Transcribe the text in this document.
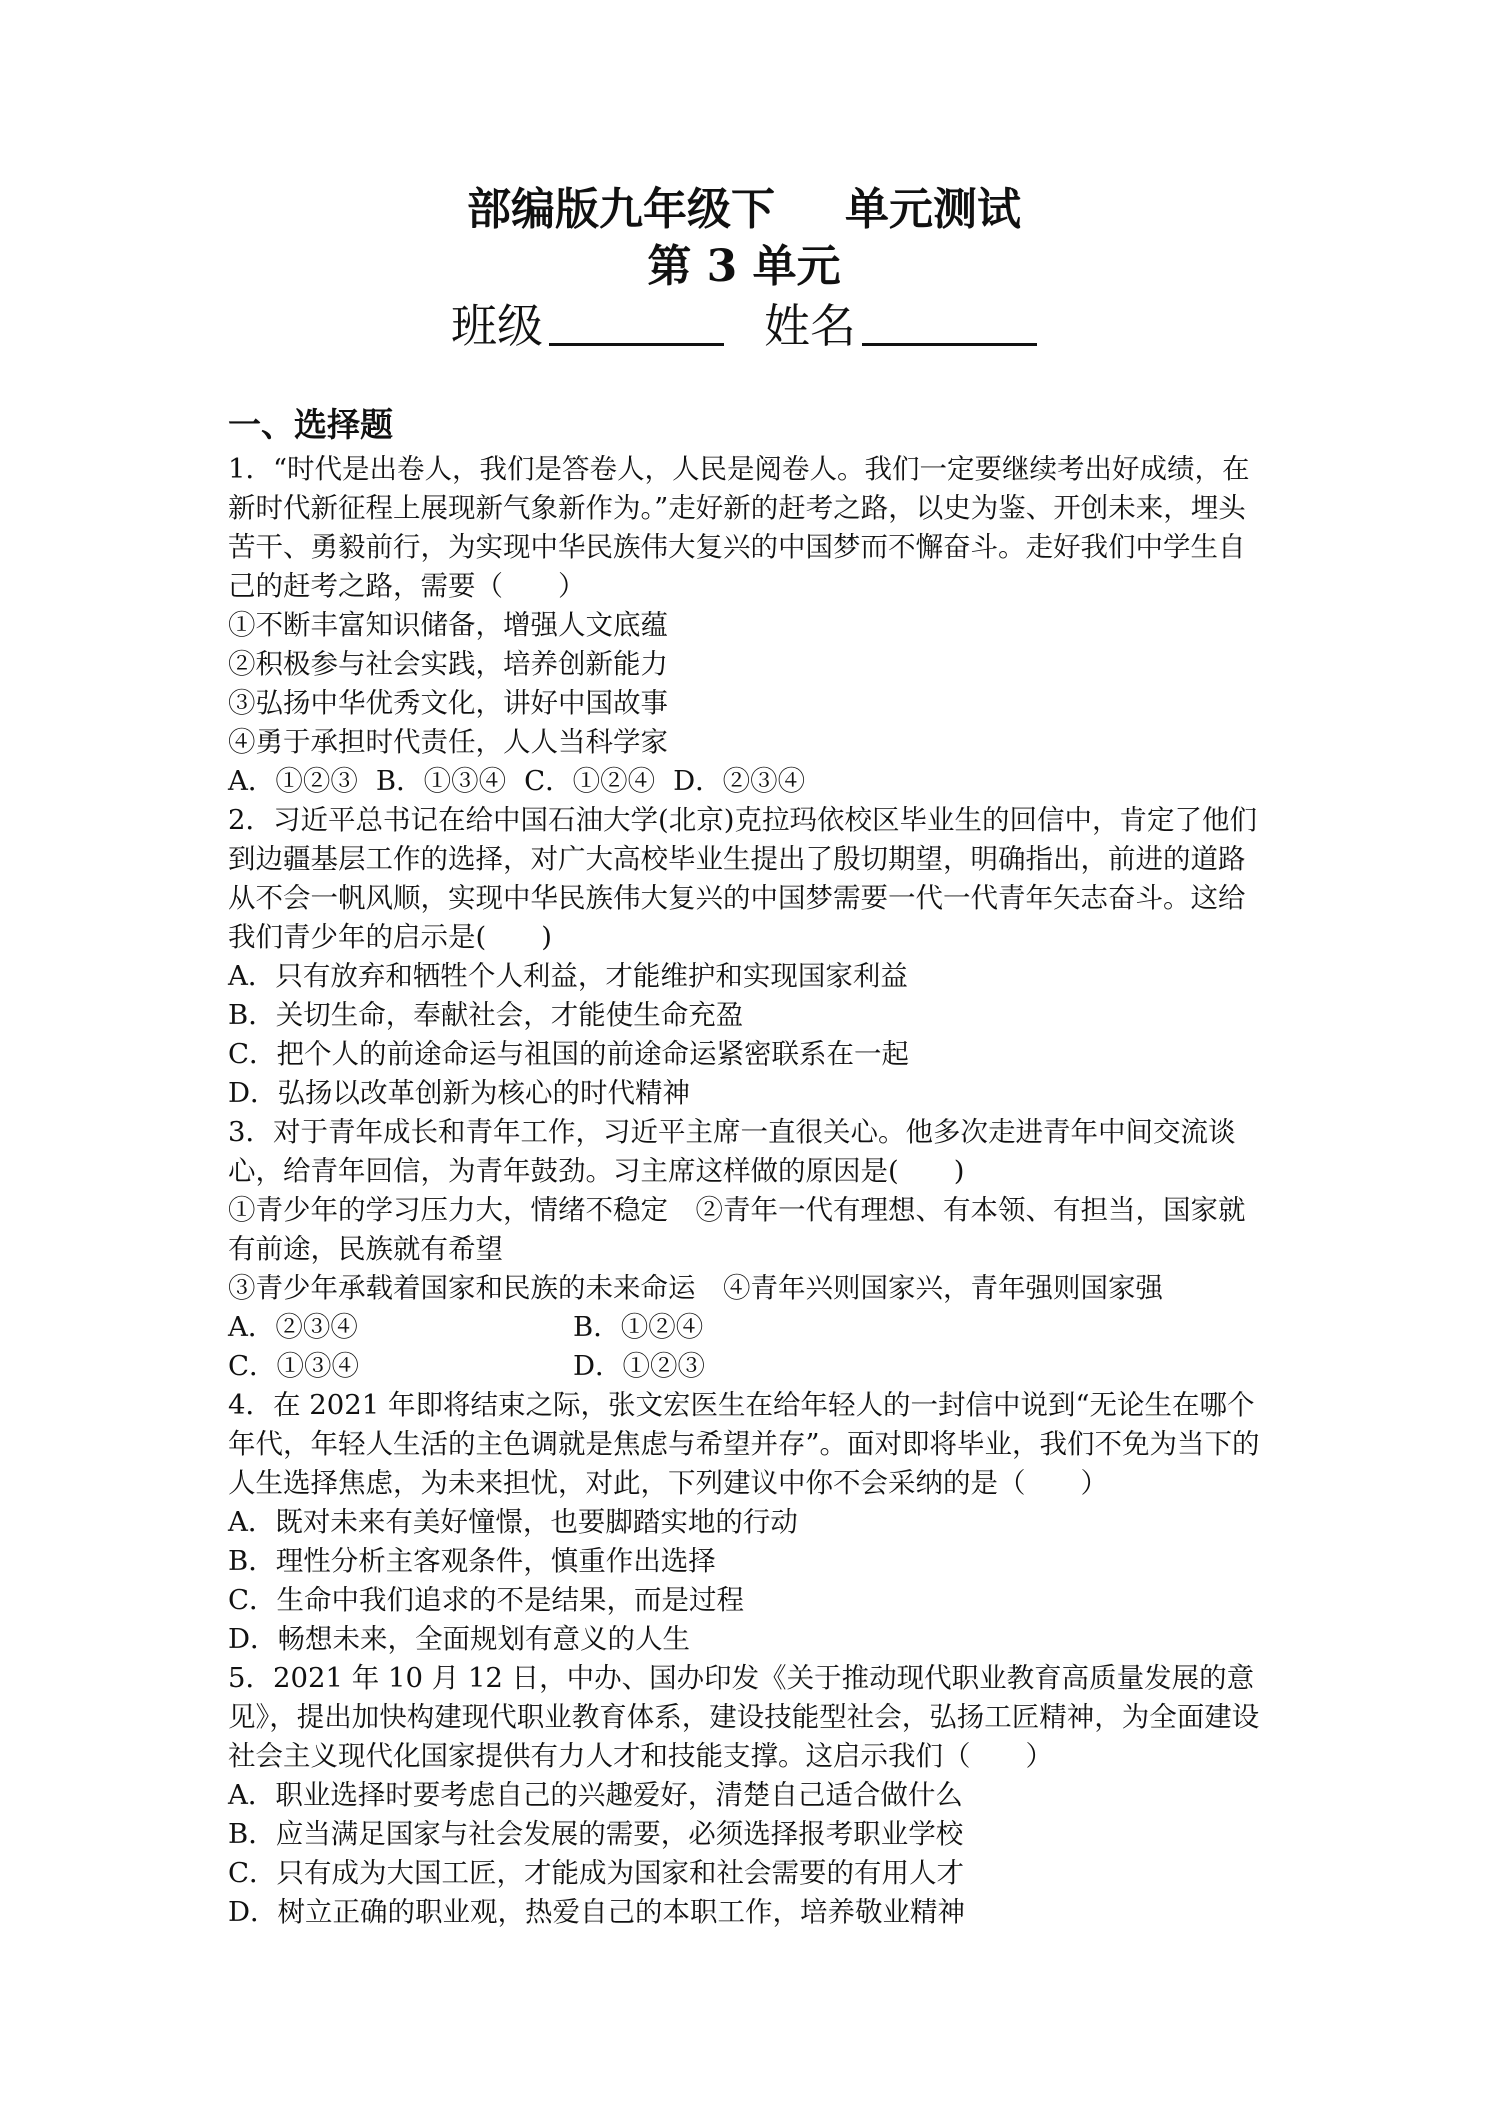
部编版九年级下 单元测试
第 3 单元
班级	姓名
一、选择题

1．“时代是出卷人，我们是答卷人，人民是阅卷人。我们一定要继续考出好成绩，在新时代新征程上展现新气象新作为。”走好新的赶考之路，以史为鉴、开创未来，埋头苦干、勇毅前行，为实现中华民族伟大复兴的中国梦而不懈奋斗。走好我们中学生自己的赶考之路，需要（　　）

①不断丰富知识储备，增强人文底蕴

②积极参与社会实践，培养创新能力

③弘扬中华优秀文化，讲好中国故事

④勇于承担时代责任，人人当科学家

A．①②③ B．①③④ C．①②④ D．②③④

2．习近平总书记在给中国石油大学(北京)克拉玛依校区毕业生的回信中，肯定了他们到边疆基层工作的选择，对广大高校毕业生提出了殷切期望，明确指出，前进的道路从不会一帆风顺，实现中华民族伟大复兴的中国梦需要一代一代青年矢志奋斗。这给我们青少年的启示是(　　)

A．只有放弃和牺牲个人利益，才能维护和实现国家利益

B．关切生命，奉献社会，才能使生命充盈

C．把个人的前途命运与祖国的前途命运紧密联系在一起

D．弘扬以改革创新为核心的时代精神

3．对于青年成长和青年工作，习近平主席一直很关心。他多次走进青年中间交流谈心，给青年回信，为青年鼓劲。习主席这样做的原因是(　　)

①青少年的学习压力大，情绪不稳定　②青年一代有理想、有本领、有担当，国家就有前途，民族就有希望

③青少年承载着国家和民族的未来命运　④青年兴则国家兴，青年强则国家强

A．②③④	B．①②④
C．①③④	D．①②③

4．在 2021 年即将结束之际，张文宏医生在给年轻人的一封信中说到“无论生在哪个年代，年轻人生活的主色调就是焦虑与希望并存”。面对即将毕业，我们不免为当下的人生选择焦虑，为未来担忧，对此，下列建议中你不会采纳的是（　　）

A．既对未来有美好憧憬，也要脚踏实地的行动

B．理性分析主客观条件，慎重作出选择

C．生命中我们追求的不是结果，而是过程

D．畅想未来，全面规划有意义的人生

5．2021 年 10 月 12 日，中办、国办印发《关于推动现代职业教育高质量发展的意见》，提出加快构建现代职业教育体系，建设技能型社会，弘扬工匠精神，为全面建设社会主义现代化国家提供有力人才和技能支撑。这启示我们（　　）

A．职业选择时要考虑自己的兴趣爱好，清楚自己适合做什么

B．应当满足国家与社会发展的需要，必须选择报考职业学校

C．只有成为大国工匠，才能成为国家和社会需要的有用人才

D．树立正确的职业观，热爱自己的本职工作，培养敬业精神
